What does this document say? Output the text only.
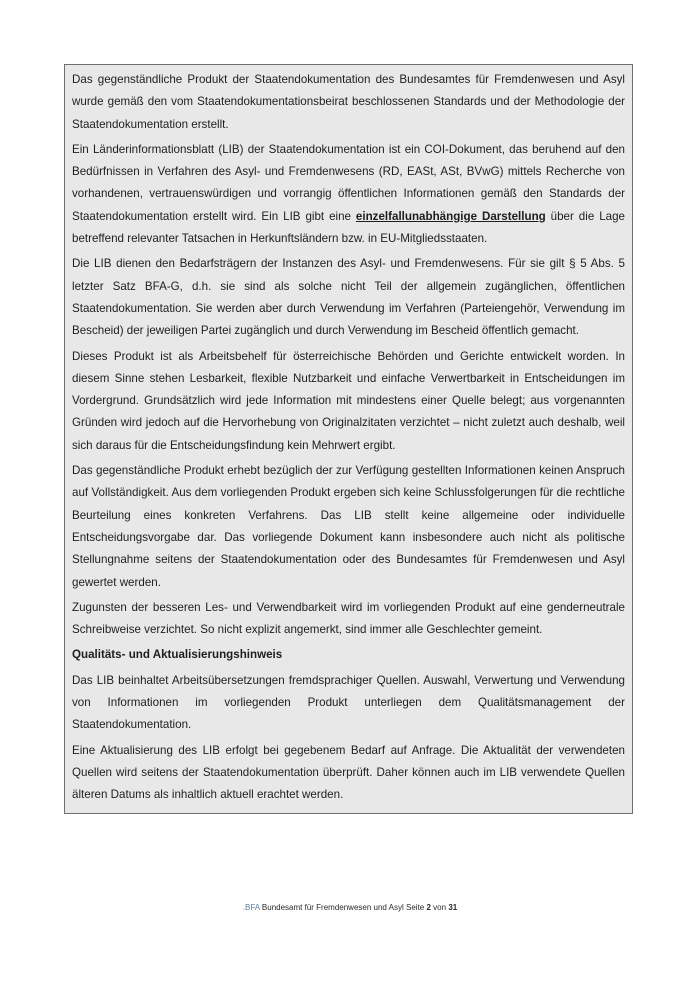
Das gegenständliche Produkt der Staatendokumentation des Bundesamtes für Fremdenwesen und Asyl wurde gemäß den vom Staatendokumentationsbeirat beschlossenen Standards und der Methodologie der Staatendokumentation erstellt.

Ein Länderinformationsblatt (LIB) der Staatendokumentation ist ein COI-Dokument, das beruhend auf den Bedürfnissen in Verfahren des Asyl- und Fremdenwesens (RD, EASt, ASt, BVwG) mittels Recherche von vorhandenen, vertrauenswürdigen und vorrangig öffentlichen Informationen gemäß den Standards der Staatendokumentation erstellt wird. Ein LIB gibt eine einzelfallunabhängige Darstellung über die Lage betreffend relevanter Tatsachen in Herkunftsländern bzw. in EU-Mitgliedsstaaten.

Die LIB dienen den Bedarfsträgern der Instanzen des Asyl- und Fremdenwesens. Für sie gilt § 5 Abs. 5 letzter Satz BFA-G, d.h. sie sind als solche nicht Teil der allgemein zugänglichen, öffentlichen Staatendokumentation. Sie werden aber durch Verwendung im Verfahren (Parteiengehör, Verwendung im Bescheid) der jeweiligen Partei zugänglich und durch Verwendung im Bescheid öffentlich gemacht.

Dieses Produkt ist als Arbeitsbehelf für österreichische Behörden und Gerichte entwickelt worden. In diesem Sinne stehen Lesbarkeit, flexible Nutzbarkeit und einfache Verwertbarkeit in Entscheidungen im Vordergrund. Grundsätzlich wird jede Information mit mindestens einer Quelle belegt; aus vorgenannten Gründen wird jedoch auf die Hervorhebung von Originalzitaten verzichtet – nicht zuletzt auch deshalb, weil sich daraus für die Entscheidungsfindung kein Mehrwert ergibt.

Das gegenständliche Produkt erhebt bezüglich der zur Verfügung gestellten Informationen keinen Anspruch auf Vollständigkeit. Aus dem vorliegenden Produkt ergeben sich keine Schlussfolgerungen für die rechtliche Beurteilung eines konkreten Verfahrens. Das LIB stellt keine allgemeine oder individuelle Entscheidungsvorgabe dar. Das vorliegende Dokument kann insbesondere auch nicht als politische Stellungnahme seitens der Staatendokumentation oder des Bundesamtes für Fremdenwesen und Asyl gewertet werden.

Zugunsten der besseren Les- und Verwendbarkeit wird im vorliegenden Produkt auf eine genderneutrale Schreibweise verzichtet. So nicht explizit angemerkt, sind immer alle Geschlechter gemeint.

Qualitäts- und Aktualisierungshinweis

Das LIB beinhaltet Arbeitsübersetzungen fremdsprachiger Quellen. Auswahl, Verwertung und Verwendung von Informationen im vorliegenden Produkt unterliegen dem Qualitätsmanagement der Staatendokumentation.

Eine Aktualisierung des LIB erfolgt bei gegebenem Bedarf auf Anfrage. Die Aktualität der verwendeten Quellen wird seitens der Staatendokumentation überprüft. Daher können auch im LIB verwendete Quellen älteren Datums als inhaltlich aktuell erachtet werden.

.BFA Bundesamt für Fremdenwesen und Asyl Seite 2 von 31
